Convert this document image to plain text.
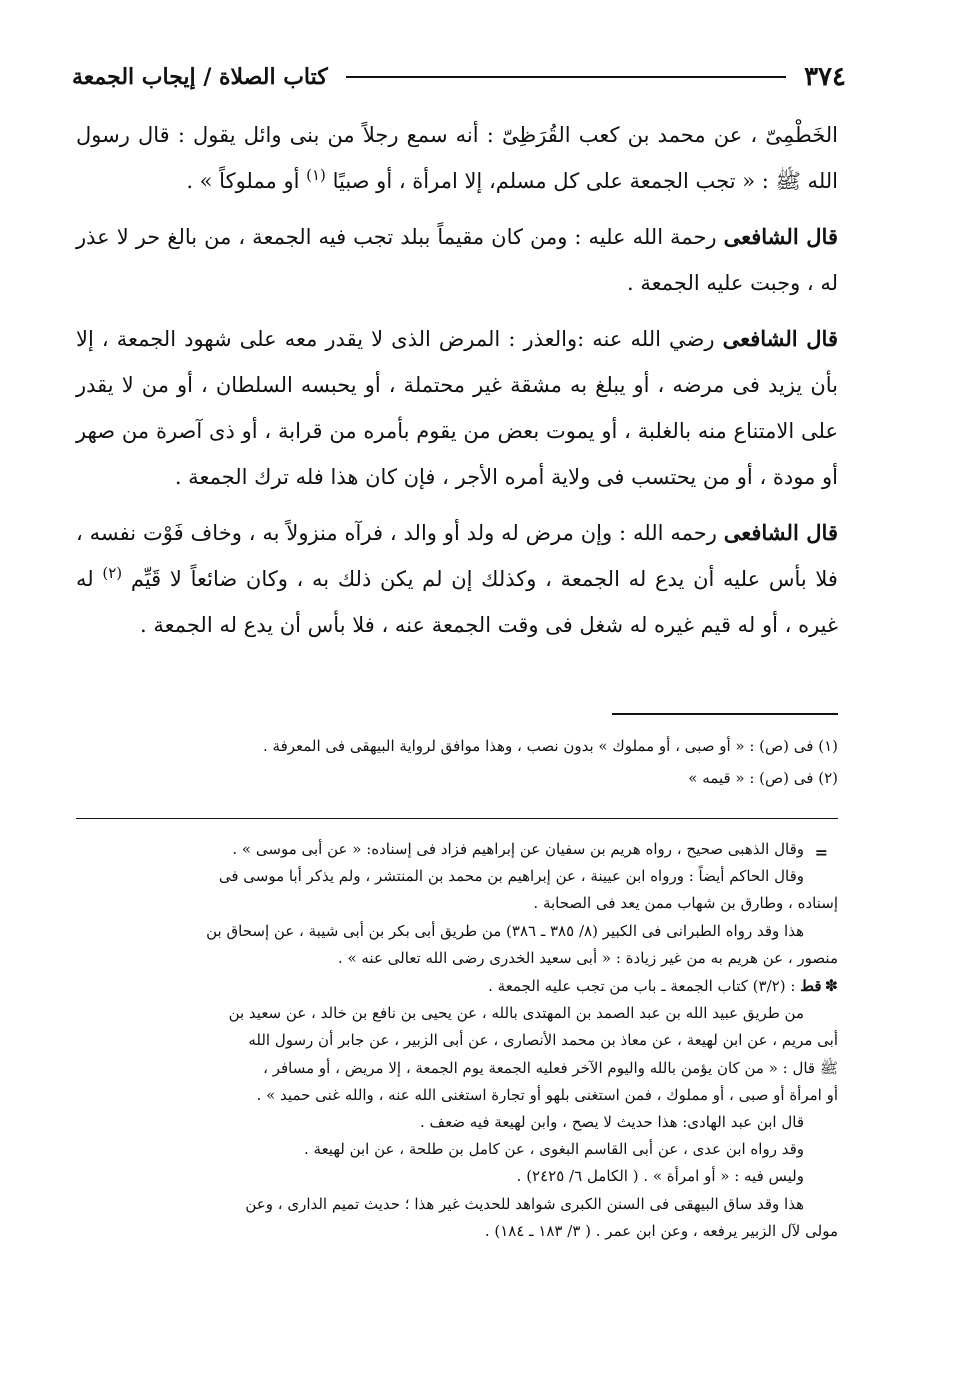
٣٧٤
كتاب الصلاة / إيجاب الجمعة

الخَطْمِىّ ، عن محمد بن كعب القُرَظِىّ : أنه سمع رجلاً من بنى وائل يقول : قال رسول الله ﷺ : « تجب الجمعة على كل مسلم، إلا امرأة ، أو صبيًا $^{(١)}$ أو مملوكاً » .

قال الشافعى رحمة الله عليه : ومن كان مقيماً ببلد تجب فيه الجمعة ، من بالغ حر لا عذر له ، وجبت عليه الجمعة .

قال الشافعى رضي الله عنه :والعذر : المرض الذى لا يقدر معه على شهود الجمعة ، إلا بأن يزيد فى مرضه ، أو يبلغ به مشقة غير محتملة ، أو يحبسه السلطان ، أو من لا يقدر على الامتناع منه بالغلبة ، أو يموت بعض من يقوم بأمره من قرابة ، أو ذى آصرة من صهر أو مودة ، أو من يحتسب فى ولاية أمره الأجر ، فإن كان هذا فله ترك الجمعة .

قال الشافعى رحمه الله : وإن مرض له ولد أو والد ، فرآه منزولاً به ، وخاف فَوْت نفسه ، فلا بأس عليه أن يدع له الجمعة ، وكذلك إن لم يكن ذلك به ، وكان ضائعاً لا قَيِّم $^{(٢)}$ له غيره ، أو له قيم غيره له شغل فى وقت الجمعة عنه ، فلا بأس أن يدع له الجمعة .

(١) فى (ص) : « أو صبى ، أو مملوك » بدون نصب ، وهذا موافق لرواية البيهقى فى المعرفة .

(٢) فى (ص) : « قيمه »

=

وقال الذهبى صحيح ، رواه هريم بن سفيان عن إبراهيم فزاد فى إسناده: « عن أبى موسى » .

وقال الحاكم أيضاً : ورواه ابن عيينة ، عن إبراهيم بن محمد بن المنتشر ، ولم يذكر أبا موسى فى

إسناده ، وطارق بن شهاب ممن يعد فى الصحابة .

هذا وقد رواه الطبرانى فى الكبير (٨/ ٣٨٥ ـ ٣٨٦) من طريق أبى بكر بن أبى شيبة ، عن إسحاق بن

منصور ، عن هريم به من غير زيادة : « أبى سعيد الخدرى رضى الله تعالى عنه » .

✽قط : (٣/٢) كتاب الجمعة ـ باب من تجب عليه الجمعة .

من طريق عبيد الله بن عبد الصمد بن المهتدى بالله ، عن يحيى بن نافع بن خالد ، عن سعيد بن

أبى مريم ، عن ابن لهيعة ، عن معاذ بن محمد الأنصارى ، عن أبى الزبير ، عن جابر أن رسول الله

ﷺ قال : « من كان يؤمن بالله واليوم الآخر فعليه الجمعة يوم الجمعة ، إلا مريض ، أو مسافر ،

أو امرأة أو صبى ، أو مملوك ، فمن استغنى بلهو أو تجارة استغنى الله عنه ، والله غنى حميد » .

قال ابن عبد الهادى: هذا حديث لا يصح ، وابن لهيعة فيه ضعف .

وقد رواه ابن عدى ، عن أبى القاسم البغوى ، عن كامل بن طلحة ، عن ابن لهيعة .

وليس فيه : « أو امرأة » . ( الكامل ٦/ ٢٤٢٥) .

هذا وقد ساق البيهقى فى السنن الكبرى شواهد للحديث غير هذا ؛ حديث تميم الدارى ، وعن

مولى لآل الزبير يرفعه ، وعن ابن عمر . ( ٣/ ١٨٣ ـ ١٨٤) .
